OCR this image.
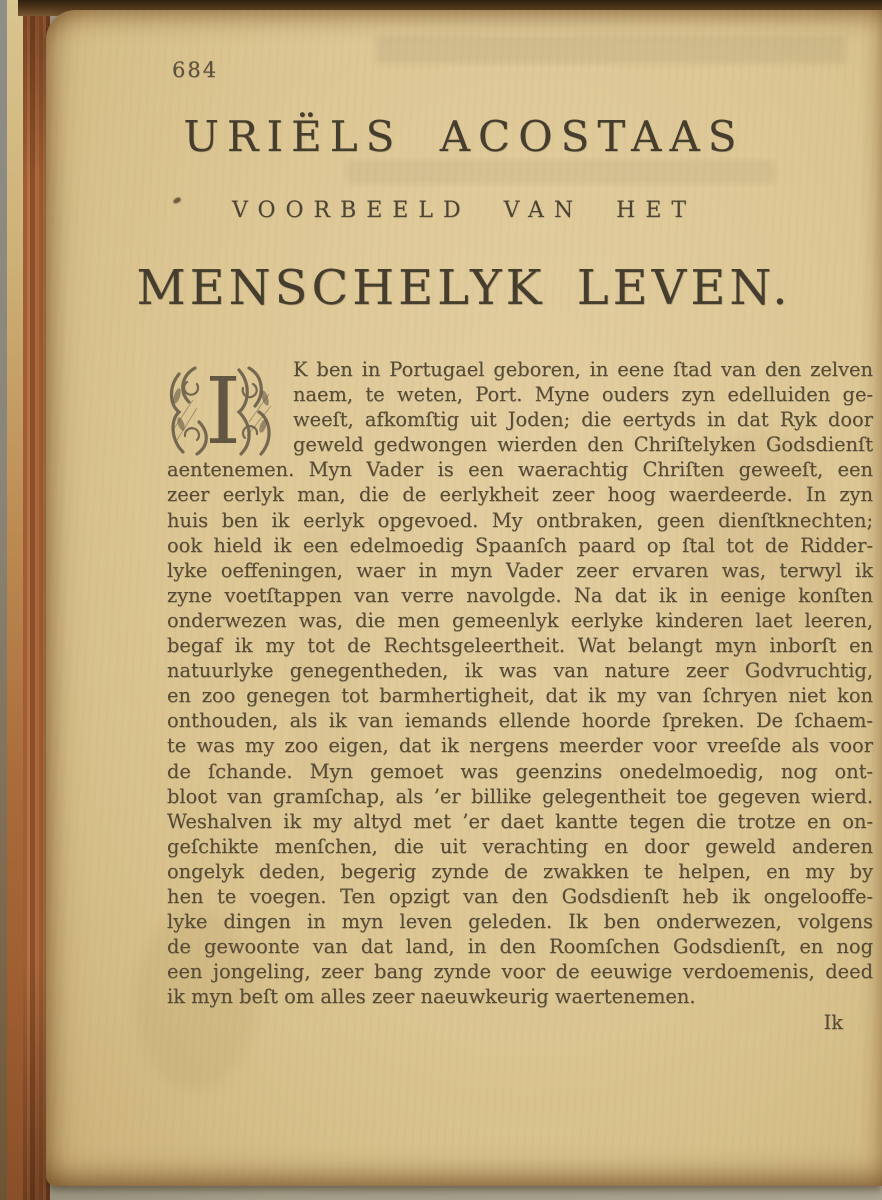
684
URIËLS ACOSTAAS
VOORBEELD VAN HET
MENSCHELYK LEVEN.
I	K ben in Portugael geboren, in eene ſtad van den zelven
naem, te weten, Port. Myne ouders zyn edelluiden ge-
weeſt, afkomſtig uit Joden; die eertyds in dat Ryk door
geweld gedwongen wierden den Chriſtelyken Godsdienſt
aentenemen. Myn Vader is een waerachtig Chriſten geweeſt, een
zeer eerlyk man, die de eerlykheit zeer hoog waerdeerde. In zyn
huis ben ik eerlyk opgevoed. My ontbraken, geen dienſtknechten;
ook hield ik een edelmoedig Spaanſch paard op ſtal tot de Ridder-
lyke oeffeningen, waer in myn Vader zeer ervaren was, terwyl ik
zyne voetſtappen van verre navolgde. Na dat ik in eenige konſten
onderwezen was, die men gemeenlyk eerlyke kinderen laet leeren,
begaf ik my tot de Rechtsgeleertheit. Wat belangt myn inborſt en
natuurlyke genegentheden, ik was van nature zeer Godvruchtig,
en zoo genegen tot barmhertigheit, dat ik my van ſchryen niet kon
onthouden, als ik van iemands ellende hoorde ſpreken. De ſchaem-
te was my zoo eigen, dat ik nergens meerder voor vreeſde als voor
de ſchande. Myn gemoet was geenzins onedelmoedig, nog ont-
bloot van gramſchap, als ’er billike gelegentheit toe gegeven wierd.
Weshalven ik my altyd met ’er daet kantte tegen die trotze en on-
geſchikte menſchen, die uit verachting en door geweld anderen
ongelyk deden, begerig zynde de zwakken te helpen, en my by
hen te voegen. Ten opzigt van den Godsdienſt heb ik ongelooffe-
lyke dingen in myn leven geleden. Ik ben onderwezen, volgens
de gewoonte van dat land, in den Roomſchen Godsdienſt, en nog
een jongeling, zeer bang zynde voor de eeuwige verdoemenis, deed
ik myn beſt om alles zeer naeuwkeurig waertenemen.
Ik
